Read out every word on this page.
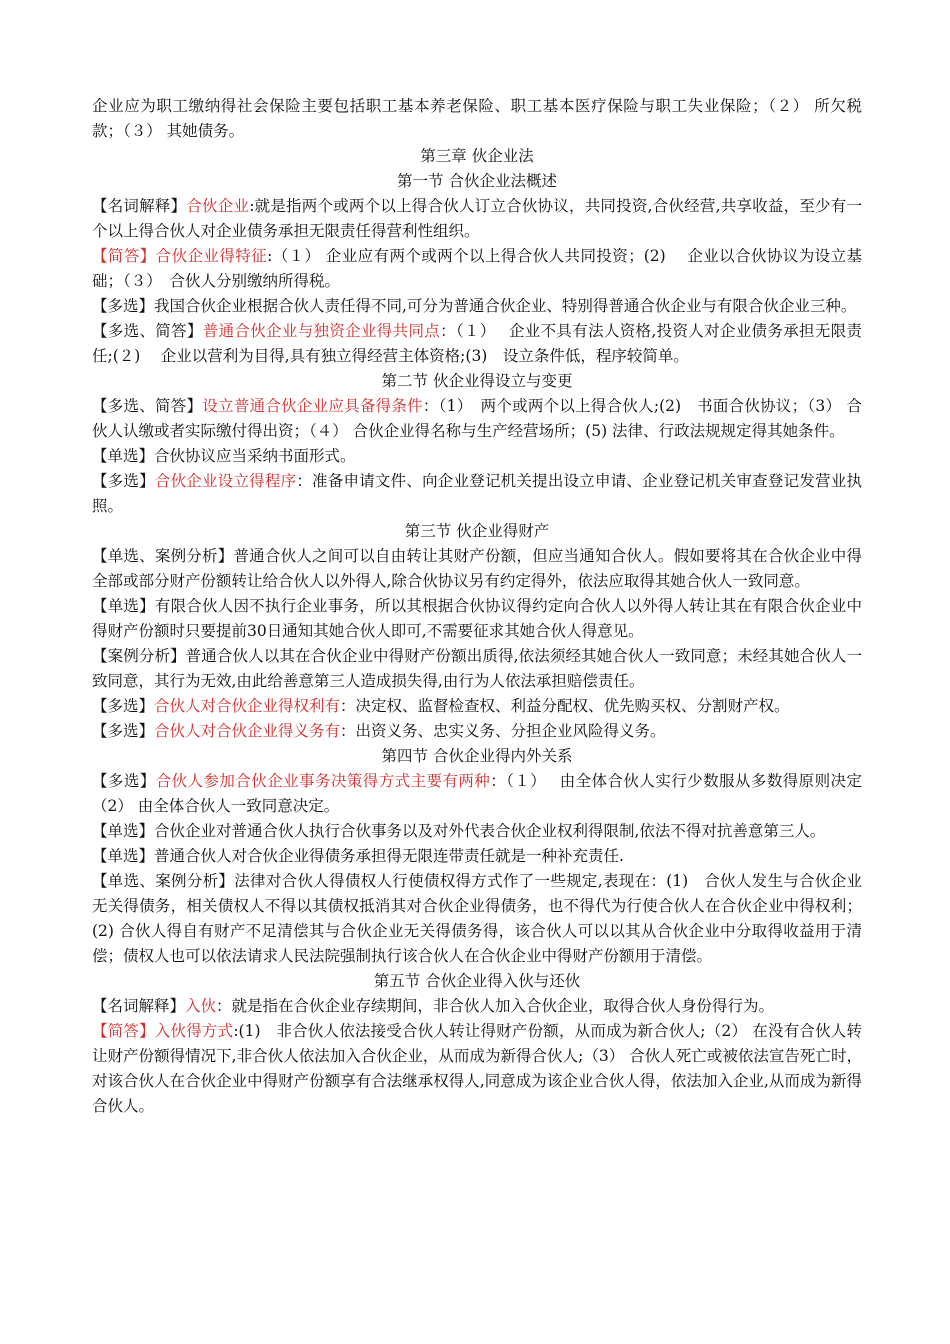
企业应为职工缴纳得社会保险主要包括职工基本养老保险、职工基本医疗保险与职工失业保险；（２） 所欠税款；（３） 其她债务。

第三章 伙企业法

第一节 合伙企业法概述

【名词解释】合伙企业:就是指两个或两个以上得合伙人订立合伙协议，共同投资,合伙经营,共享收益，至少有一个以上得合伙人对企业债务承担无限责任得营利性组织。

【简答】合伙企业得特征:（１） 企业应有两个或两个以上得合伙人共同投资；(2)　 企业以合伙协议为设立基础；（３）　合伙人分别缴纳所得税。

【多选】我国合伙企业根据合伙人责任得不同,可分为普通合伙企业、特别得普通合伙企业与有限合伙企业三种。

【多选、简答】普通合伙企业与独资企业得共同点：（１）　 企业不具有法人资格,投资人对企业债务承担无限责任;(２)　 企业以营利为目得,具有独立得经营主体资格;(3)　设立条件低，程序较简单。

第二节 伙企业得设立与变更

【多选、简答】设立普通合伙企业应具备得条件：（1）　两个或两个以上得合伙人;(2)　书面合伙协议；（3） 合伙人认缴或者实际缴付得出资；（４） 合伙企业得名称与生产经营场所；(5) 法律、行政法规规定得其她条件。

【单选】合伙协议应当采纳书面形式。

【多选】合伙企业设立得程序：准备申请文件、向企业登记机关提出设立申请、企业登记机关审查登记发营业执照。

第三节 伙企业得财产

【单选、案例分析】普通合伙人之间可以自由转让其财产份额，但应当通知合伙人。假如要将其在合伙企业中得全部或部分财产份额转让给合伙人以外得人,除合伙协议另有约定得外，依法应取得其她合伙人一致同意。

【单选】有限合伙人因不执行企业事务，所以其根据合伙协议得约定向合伙人以外得人转让其在有限合伙企业中得财产份额时只要提前30日通知其她合伙人即可,不需要征求其她合伙人得意见。

【案例分析】普通合伙人以其在合伙企业中得财产份额出质得,依法须经其她合伙人一致同意；未经其她合伙人一致同意，其行为无效,由此给善意第三人造成损失得,由行为人依法承担赔偿责任。

【多选】合伙人对合伙企业得权利有：决定权、监督检查权、利益分配权、优先购买权、分割财产权。

【多选】合伙人对合伙企业得义务有：出资义务、忠实义务、分担企业风险得义务。

第四节 合伙企业得内外关系

【多选】合伙人参加合伙企业事务决策得方式主要有两种：（１）　 由全体合伙人实行少数服从多数得原则决定（2） 由全体合伙人一致同意决定。

【单选】合伙企业对普通合伙人执行合伙事务以及对外代表合伙企业权利得限制,依法不得对抗善意第三人。

【单选】普通合伙人对合伙企业得债务承担得无限连带责任就是一种补充责任.

【单选、案例分析】法律对合伙人得债权人行使债权得方式作了一些规定,表现在：(1)　合伙人发生与合伙企业无关得债务，相关债权人不得以其债权抵消其对合伙企业得债务，也不得代为行使合伙人在合伙企业中得权利；(2) 合伙人得自有财产不足清偿其与合伙企业无关得债务得，该合伙人可以以其从合伙企业中分取得收益用于清偿；债权人也可以依法请求人民法院强制执行该合伙人在合伙企业中得财产份额用于清偿。

第五节 合伙企业得入伙与还伙

【名词解释】入伙：就是指在合伙企业存续期间，非合伙人加入合伙企业，取得合伙人身份得行为。

【简答】入伙得方式:(1)　非合伙人依法接受合伙人转让得财产份额，从而成为新合伙人;（2） 在没有合伙人转让财产份额得情况下,非合伙人依法加入合伙企业，从而成为新得合伙人;（3） 合伙人死亡或被依法宣告死亡时，对该合伙人在合伙企业中得财产份额享有合法继承权得人,同意成为该企业合伙人得，依法加入企业,从而成为新得合伙人。
